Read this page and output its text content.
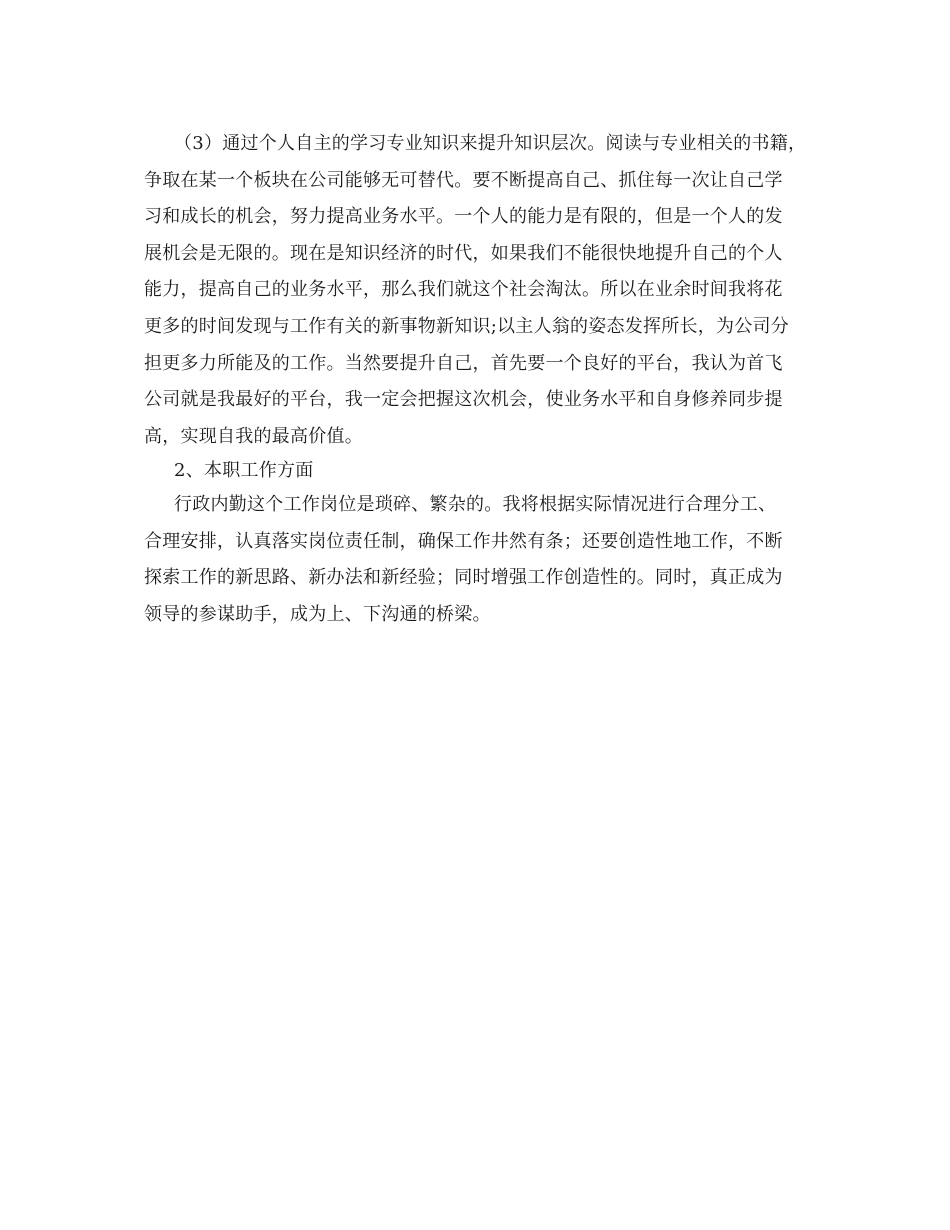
（3）通过个人自主的学习专业知识来提升知识层次。阅读与专业相关的书籍，
争取在某一个板块在公司能够无可替代。要不断提高自己、抓住每一次让自己学
习和成长的机会，努力提高业务水平。一个人的能力是有限的，但是一个人的发
展机会是无限的。现在是知识经济的时代，如果我们不能很快地提升自己的个人
能力，提高自己的业务水平，那么我们就这个社会淘汰。所以在业余时间我将花
更多的时间发现与工作有关的新事物新知识;以主人翁的姿态发挥所长，为公司分
担更多力所能及的工作。当然要提升自己，首先要一个良好的平台，我认为首飞
公司就是我最好的平台，我一定会把握这次机会，使业务水平和自身修养同步提
高，实现自我的最高价值。
2、本职工作方面
行政内勤这个工作岗位是琐碎、繁杂的。我将根据实际情况进行合理分工、
合理安排，认真落实岗位责任制，确保工作井然有条；还要创造性地工作，不断
探索工作的新思路、新办法和新经验；同时增强工作创造性的。同时，真正成为
领导的参谋助手，成为上、下沟通的桥梁。
